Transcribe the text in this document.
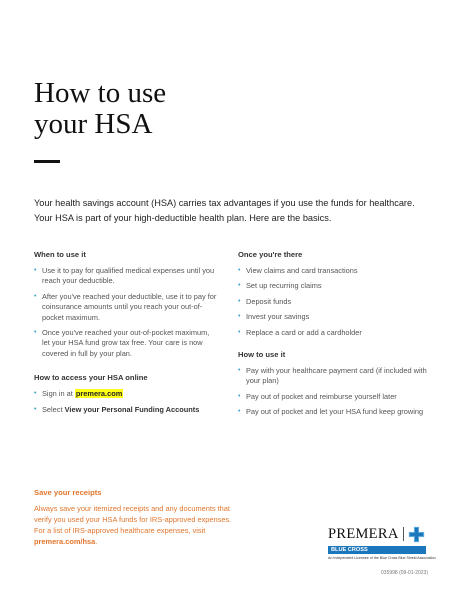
How to use
your HSA

Your health savings account (HSA) carries tax advantages if you use the funds for healthcare. Your HSA is part of your high-deductible health plan. Here are the basics.

When to use it
• Use it to pay for qualified medical expenses until you reach your deductible.
• After you've reached your deductible, use it to pay for coinsurance amounts until you reach your out-of-pocket maximum.
• Once you've reached your out-of-pocket maximum, let your HSA fund grow tax free. Your care is now covered in full by your plan.
How to access your HSA online
• Sign in at premera.com
• Select View your Personal Funding Accounts
Once you're there
• View claims and card transactions
• Set up recurring claims
• Deposit funds
• Invest your savings
• Replace a card or add a cardholder
How to use it
• Pay with your healthcare payment card (if included with your plan)
• Pay out of pocket and reimburse yourself later
• Pay out of pocket and let your HSA fund keep growing
Save your receipts

Always save your itemized receipts and any documents that verify you used your HSA funds for IRS-approved expenses. For a list of IRS-approved healthcare expenses, visit premera.com/hsa.	PREMERA
BLUE CROSS
An Independent Licensee of the Blue Cross Blue Shield Association
035998 (09-01-2023)
